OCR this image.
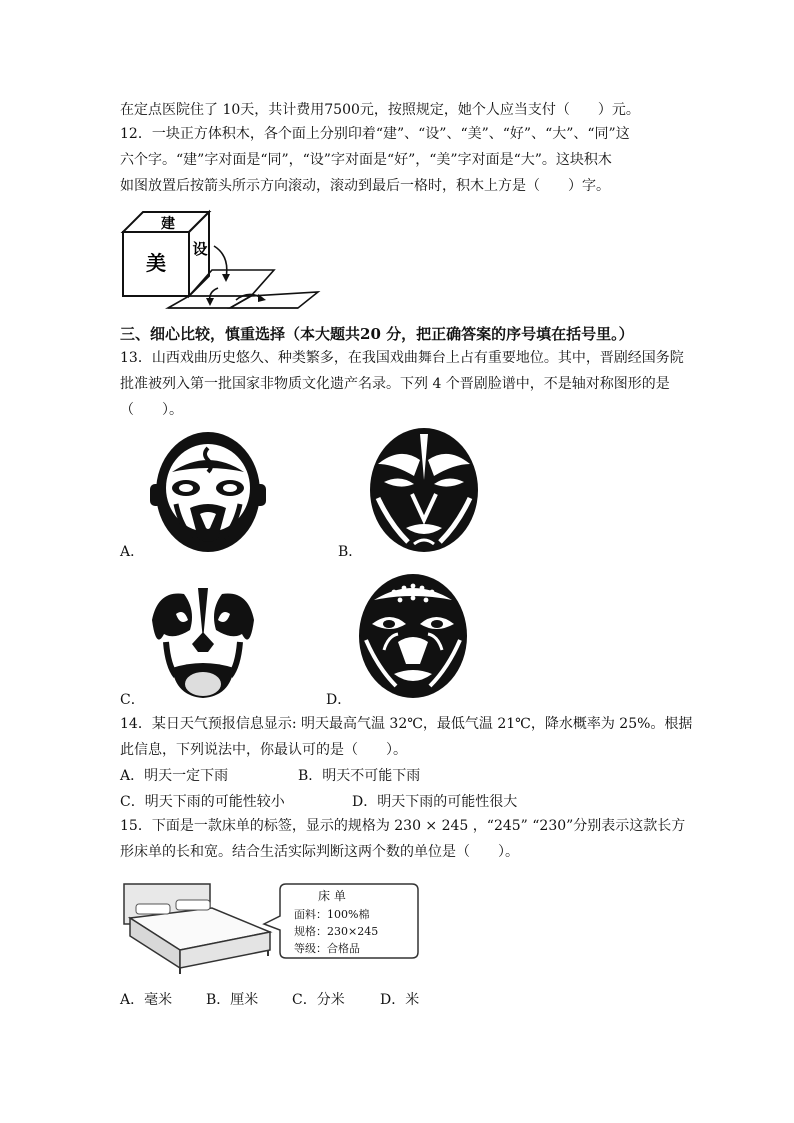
在定点医院住了 10天，共计费用7500元，按照规定，她个人应当支付（　　）元。
12．一块正方体积木，各个面上分别印着“建”、“设”、“美”、“好”、“大”、“同”这
六个字。“建”字对面是“同”，“设”字对面是“好”，“美”字对面是“大”。这块积木
如图放置后按箭头所示方向滚动，滚动到最后一格时，积木上方是（　　）字。
美
建
设
三、细心比较，慎重选择（本大题共20 分，把正确答案的序号填在括号里。）
13．山西戏曲历史悠久、种类繁多，在我国戏曲舞台上占有重要地位。其中，晋剧经国务院
批准被列入第一批国家非物质文化遗产名录。下列 4 个晋剧脸谱中，不是轴对称图形的是
（　　）。
A．	B．
C．	D．
14．某日天气预报信息显示: 明天最高气温 32℃，最低气温 21℃，降水概率为 25%。根据
此信息，下列说法中，你最认可的是（　　）。
A．明天一定下雨	B．明天不可能下雨
C．明天下雨的可能性较小	D．明天下雨的可能性很大
15．下面是一款床单的标签，显示的规格为 230 × 245 ，“245” “230”分别表示这款长方
形床单的长和宽。结合生活实际判断这两个数的单位是（　　）。
床 单
面料：100%棉
规格：230×245
等级：合格品
A．毫米 B．厘米 C．分米	D．米
